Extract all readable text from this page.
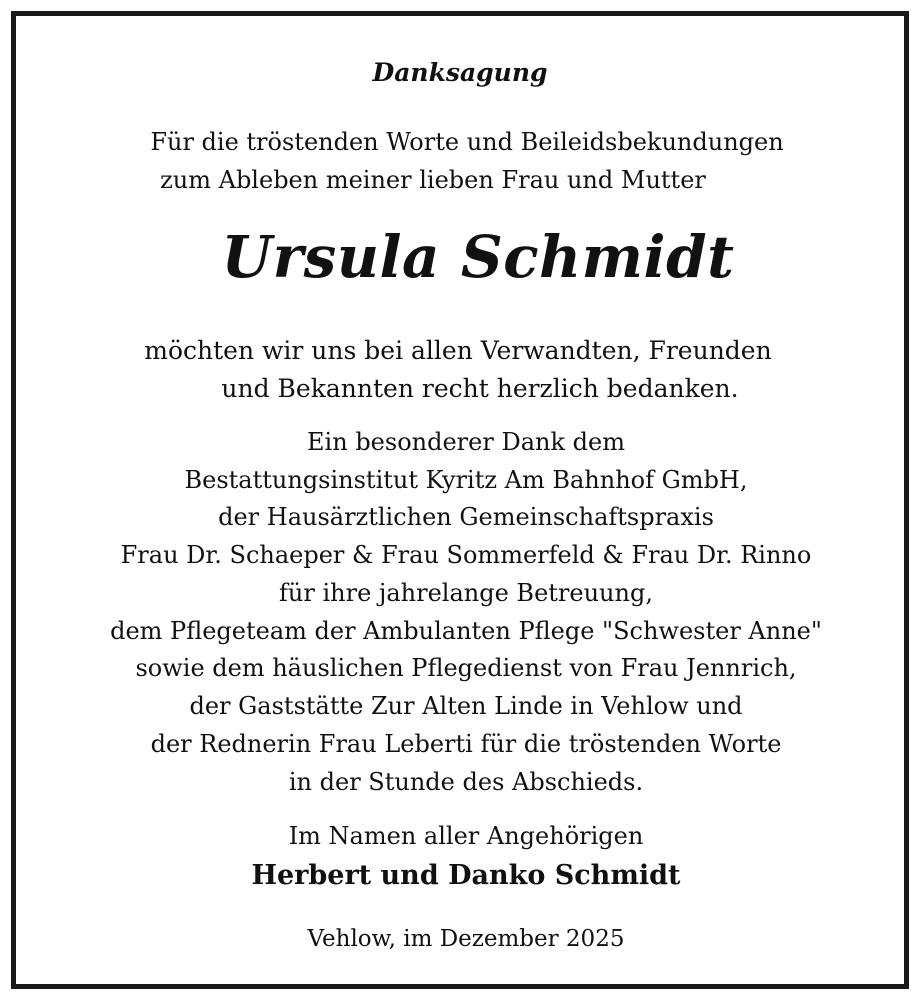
Danksagung
Für die tröstenden Worte und Beileidsbekundungen
zum Ableben meiner lieben Frau und Mutter
Ursula Schmidt
möchten wir uns bei allen Verwandten, Freunden
und Bekannten recht herzlich bedanken.
Ein besonderer Dank dem
Bestattungsinstitut Kyritz Am Bahnhof GmbH,
der Hausärztlichen Gemeinschaftspraxis
Frau Dr. Schaeper & Frau Sommerfeld & Frau Dr. Rinno
für ihre jahrelange Betreuung,
dem Pflegeteam der Ambulanten Pflege "Schwester Anne"
sowie dem häuslichen Pflegedienst von Frau Jennrich,
der Gaststätte Zur Alten Linde in Vehlow und
der Rednerin Frau Leberti für die tröstenden Worte
in der Stunde des Abschieds.
Im Namen aller Angehörigen
Herbert und Danko Schmidt
Vehlow, im Dezember 2025
